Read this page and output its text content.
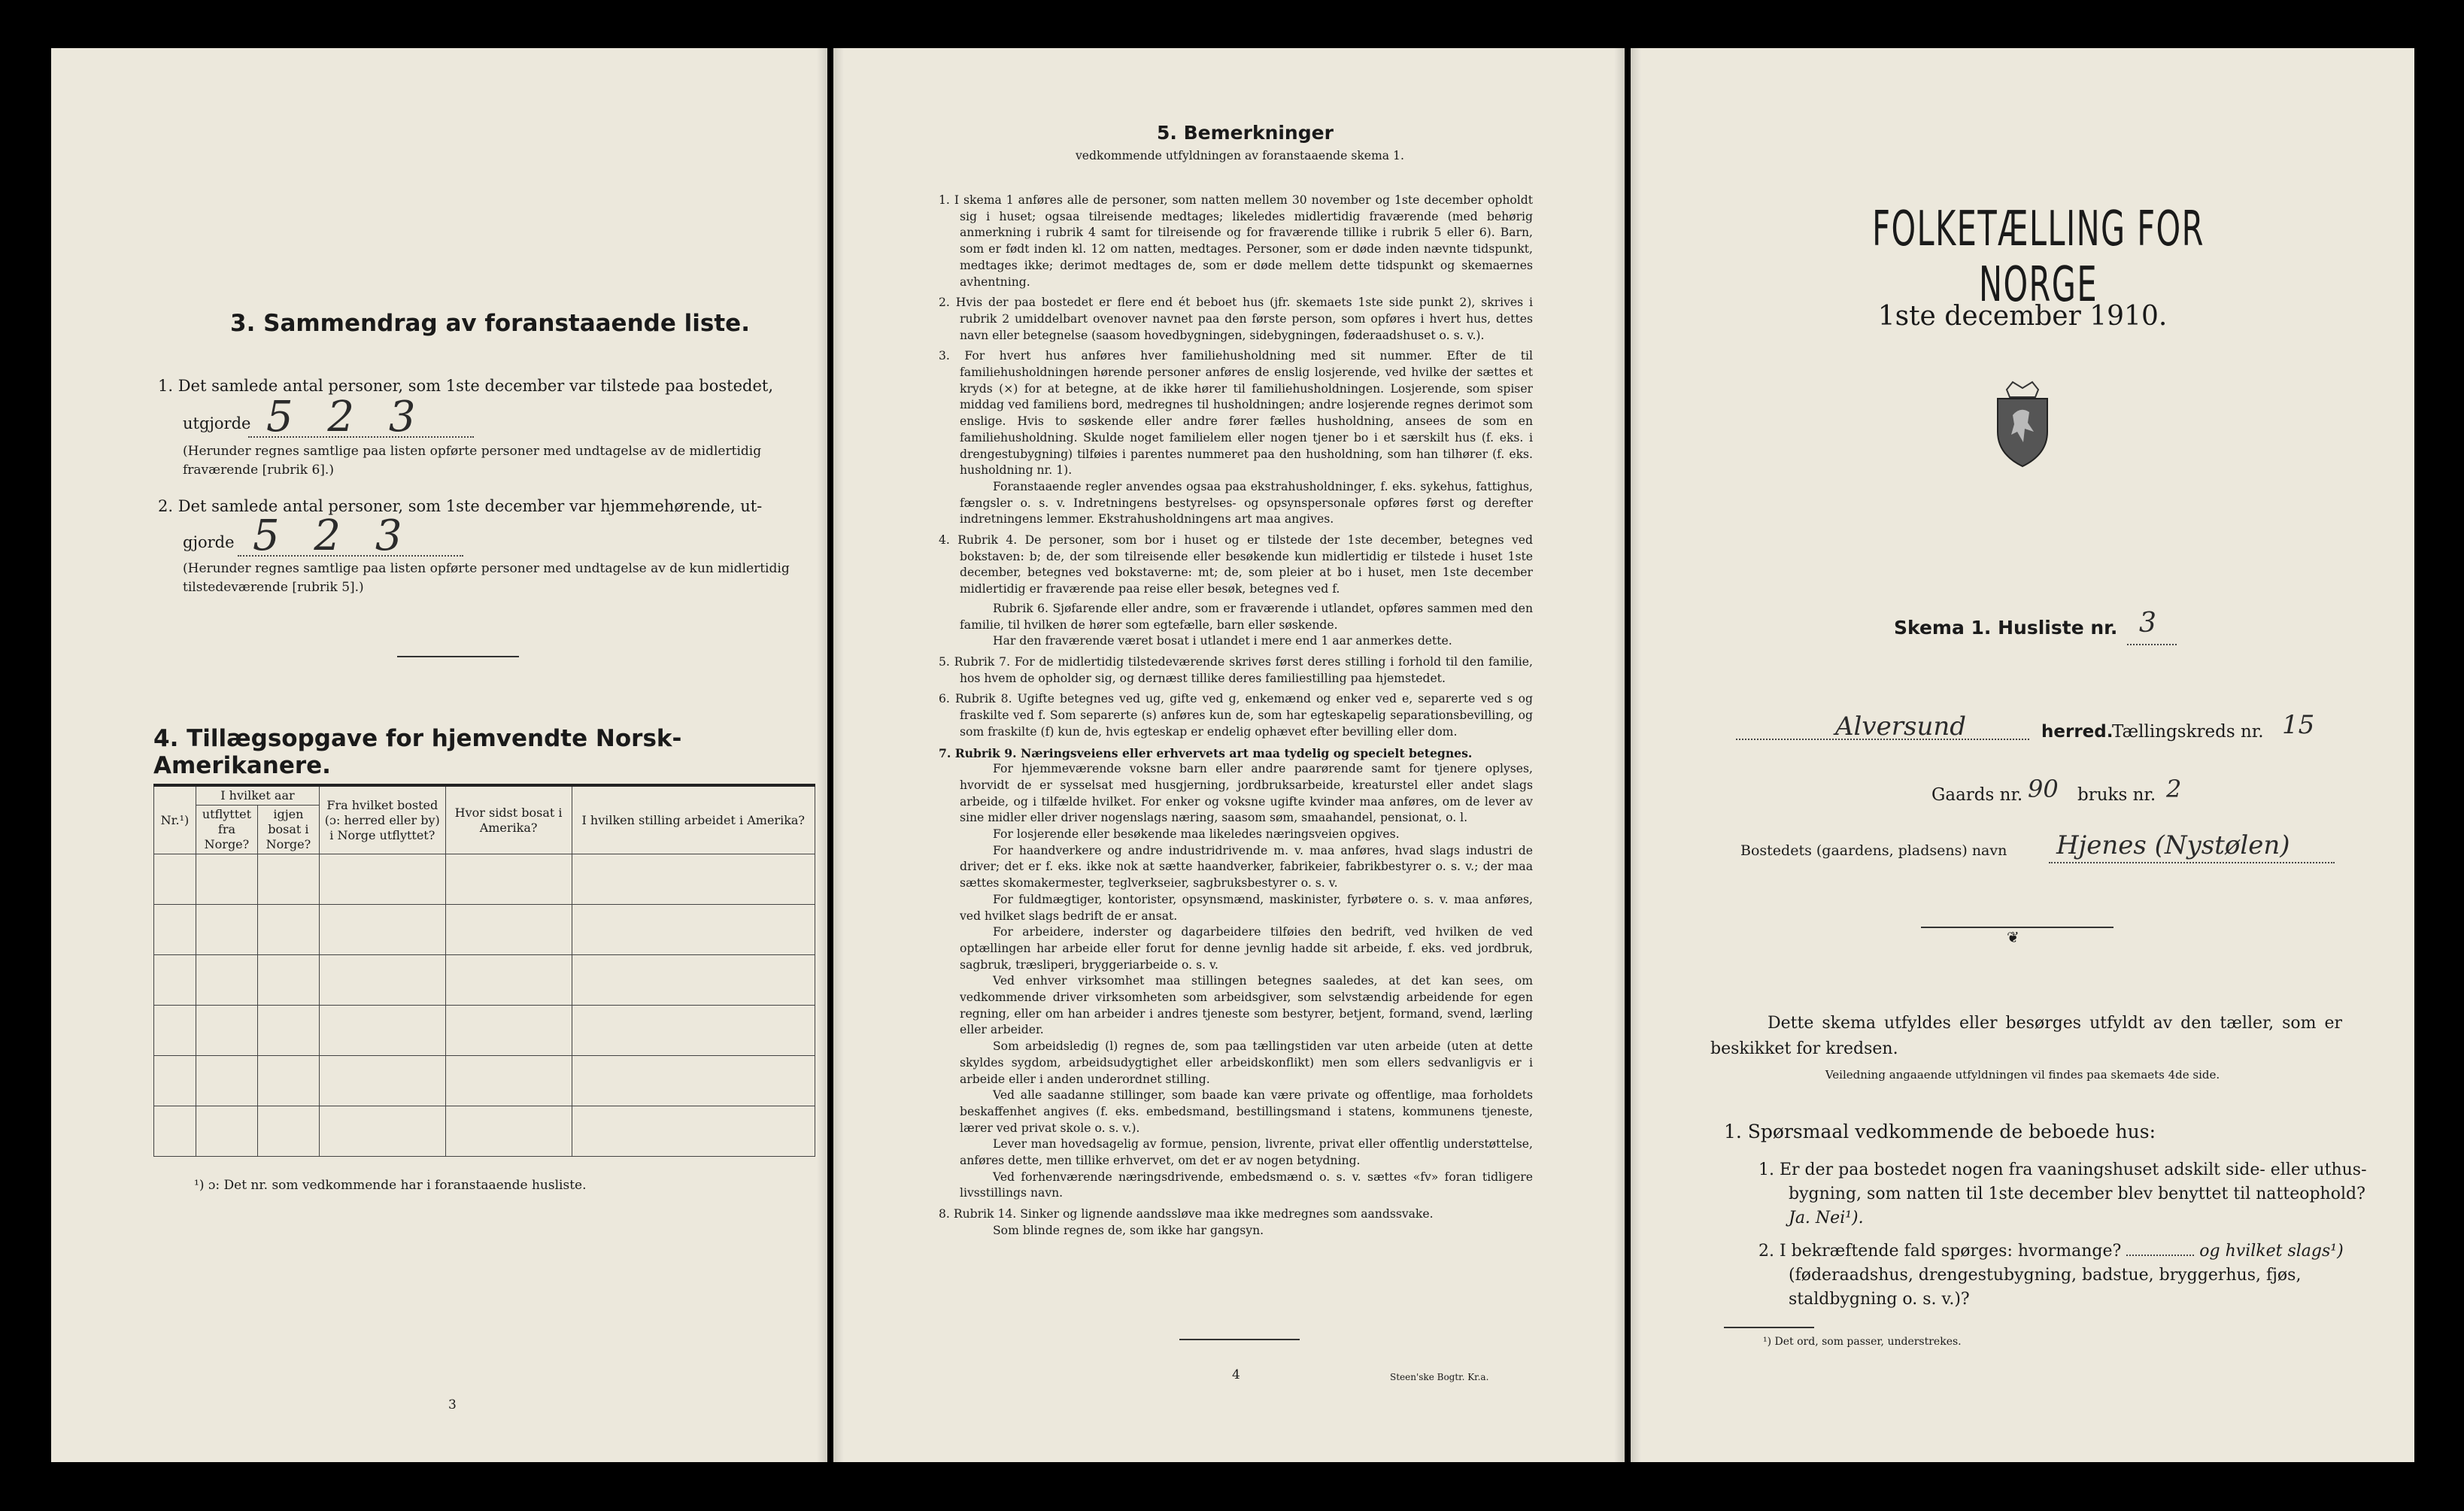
3. Sammendrag av foranstaaende liste.
1. Det samlede antal personer, som 1ste december var tilstede paa bostedet,
utgjorde 5 2 3
(Herunder regnes samtlige paa listen opførte personer med undtagelse av de midlertidig fraværende [rubrik 6].)
2. Det samlede antal personer, som 1ste december var hjemmehørende, ut-
gjorde 5 2 3
(Herunder regnes samtlige paa listen opførte personer med undtagelse av de kun midlertidig tilstedeværende [rubrik 5].)
4. Tillægsopgave for hjemvendte Norsk-Amerikanere.
Nr.¹)	I hvilket aar		Fra hvilket bosted (ɔ: herred eller by) i Norge utflyttet?	Hvor sidst bosat i Amerika?	I hvilken stilling arbeidet i Amerika?
	utflyttet fra Norge?	igjen bosat i Norge?			

¹) ɔ: Det nr. som vedkommende har i foranstaaende husliste.
3
5. Bemerkninger
vedkommende utfyldningen av foranstaaende skema 1.

1. I skema 1 anføres alle de personer, som natten mellem 30 november og 1ste december opholdt sig i huset; ogsaa tilreisende medtages; likeledes midlertidig fraværende (med behørig anmerkning i rubrik 4 samt for tilreisende og for fraværende tillike i rubrik 5 eller 6). Barn, som er født inden kl. 12 om natten, medtages. Personer, som er døde inden nævnte tidspunkt, medtages ikke; derimot medtages de, som er døde mellem dette tidspunkt og skemaernes avhentning.

2. Hvis der paa bostedet er flere end ét beboet hus (jfr. skemaets 1ste side punkt 2), skrives i rubrik 2 umiddelbart ovenover navnet paa den første person, som opføres i hvert hus, dettes navn eller betegnelse (saasom hovedbygningen, sidebygningen, føderaadshuset o. s. v.).

3. For hvert hus anføres hver familiehusholdning med sit nummer. Efter de til familiehusholdningen hørende personer anføres de enslig losjerende, ved hvilke der sættes et kryds (×) for at betegne, at de ikke hører til familiehusholdningen. Losjerende, som spiser middag ved familiens bord, medregnes til husholdningen; andre losjerende regnes derimot som enslige. Hvis to søskende eller andre fører fælles husholdning, ansees de som en familiehusholdning. Skulde noget familielem eller nogen tjener bo i et særskilt hus (f. eks. i drengestubygning) tilføies i parentes nummeret paa den husholdning, som han tilhører (f. eks. husholdning nr. 1).

Foranstaaende regler anvendes ogsaa paa ekstrahusholdninger, f. eks. sykehus, fattighus, fængsler o. s. v. Indretningens bestyrelses- og opsynspersonale opføres først og derefter indretningens lemmer. Ekstrahusholdningens art maa angives.

4. Rubrik 4. De personer, som bor i huset og er tilstede der 1ste december, betegnes ved bokstaven: b; de, der som tilreisende eller besøkende kun midlertidig er tilstede i huset 1ste december, betegnes ved bokstaverne: mt; de, som pleier at bo i huset, men 1ste december midlertidig er fraværende paa reise eller besøk, betegnes ved f.

Rubrik 6. Sjøfarende eller andre, som er fraværende i utlandet, opføres sammen med den familie, til hvilken de hører som egtefælle, barn eller søskende.

Har den fraværende været bosat i utlandet i mere end 1 aar anmerkes dette.

5. Rubrik 7. For de midlertidig tilstedeværende skrives først deres stilling i forhold til den familie, hos hvem de opholder sig, og dernæst tillike deres familiestilling paa hjemstedet.

6. Rubrik 8. Ugifte betegnes ved ug, gifte ved g, enkemænd og enker ved e, separerte ved s og fraskilte ved f. Som separerte (s) anføres kun de, som har egteskapelig separationsbevilling, og som fraskilte (f) kun de, hvis egteskap er endelig ophævet efter bevilling eller dom.

7. Rubrik 9. Næringsveiens eller erhvervets art maa tydelig og specielt betegnes.

For hjemmeværende voksne barn eller andre paarørende samt for tjenere oplyses, hvorvidt de er sysselsat med husgjerning, jordbruksarbeide, kreaturstel eller andet slags arbeide, og i tilfælde hvilket. For enker og voksne ugifte kvinder maa anføres, om de lever av sine midler eller driver nogenslags næring, saasom søm, smaahandel, pensionat, o. l.

For losjerende eller besøkende maa likeledes næringsveien opgives.

For haandverkere og andre industridrivende m. v. maa anføres, hvad slags industri de driver; det er f. eks. ikke nok at sætte haandverker, fabrikeier, fabrikbestyrer o. s. v.; der maa sættes skomakermester, teglverkseier, sagbruksbestyrer o. s. v.

For fuldmægtiger, kontorister, opsynsmænd, maskinister, fyrbøtere o. s. v. maa anføres, ved hvilket slags bedrift de er ansat.

For arbeidere, inderster og dagarbeidere tilføies den bedrift, ved hvilken de ved optællingen har arbeide eller forut for denne jevnlig hadde sit arbeide, f. eks. ved jordbruk, sagbruk, træsliperi, bryggeriarbeide o. s. v.

Ved enhver virksomhet maa stillingen betegnes saaledes, at det kan sees, om vedkommende driver virksomheten som arbeidsgiver, som selvstændig arbeidende for egen regning, eller om han arbeider i andres tjeneste som bestyrer, betjent, formand, svend, lærling eller arbeider.

Som arbeidsledig (l) regnes de, som paa tællingstiden var uten arbeide (uten at dette skyldes sygdom, arbeidsudygtighet eller arbeidskonflikt) men som ellers sedvanligvis er i arbeide eller i anden underordnet stilling.

Ved alle saadanne stillinger, som baade kan være private og offentlige, maa forholdets beskaffenhet angives (f. eks. embedsmand, bestillingsmand i statens, kommunens tjeneste, lærer ved privat skole o. s. v.).

Lever man hovedsagelig av formue, pension, livrente, privat eller offentlig understøttelse, anføres dette, men tillike erhvervet, om det er av nogen betydning.

Ved forhenværende næringsdrivende, embedsmænd o. s. v. sættes «fv» foran tidligere livsstillings navn.

8. Rubrik 14. Sinker og lignende aandssløve maa ikke medregnes som aandssvake.

Som blinde regnes de, som ikke har gangsyn.

4	Steen'ske Bogtr. Kr.a.
FOLKETÆLLING FOR NORGE
1ste december 1910.
Skema 1. Husliste nr. 3
Alversund	herred.
Tællingskreds nr. 15
Gaards nr. 90 bruks nr. 2
Bostedets (gaardens, pladsens) navn Hjenes (Nystølen)
❦
Dette skema utfyldes eller besørges utfyldt av den tæller, som er beskikket for kredsen.
Veiledning angaaende utfyldningen vil findes paa skemaets 4de side.
1. Spørsmaal vedkommende de beboede hus:
1. Er der paa bostedet nogen fra vaaningshuset adskilt side- eller uthus-bygning, som natten til 1ste december blev benyttet til natteophold? Ja. Nei¹).
2. I bekræftende fald spørges: hvormange?	og hvilket slags¹) (føderaadshus, drengestubygning, badstue, bryggerhus, fjøs, staldbygning o. s. v.)?
¹) Det ord, som passer, understrekes.
